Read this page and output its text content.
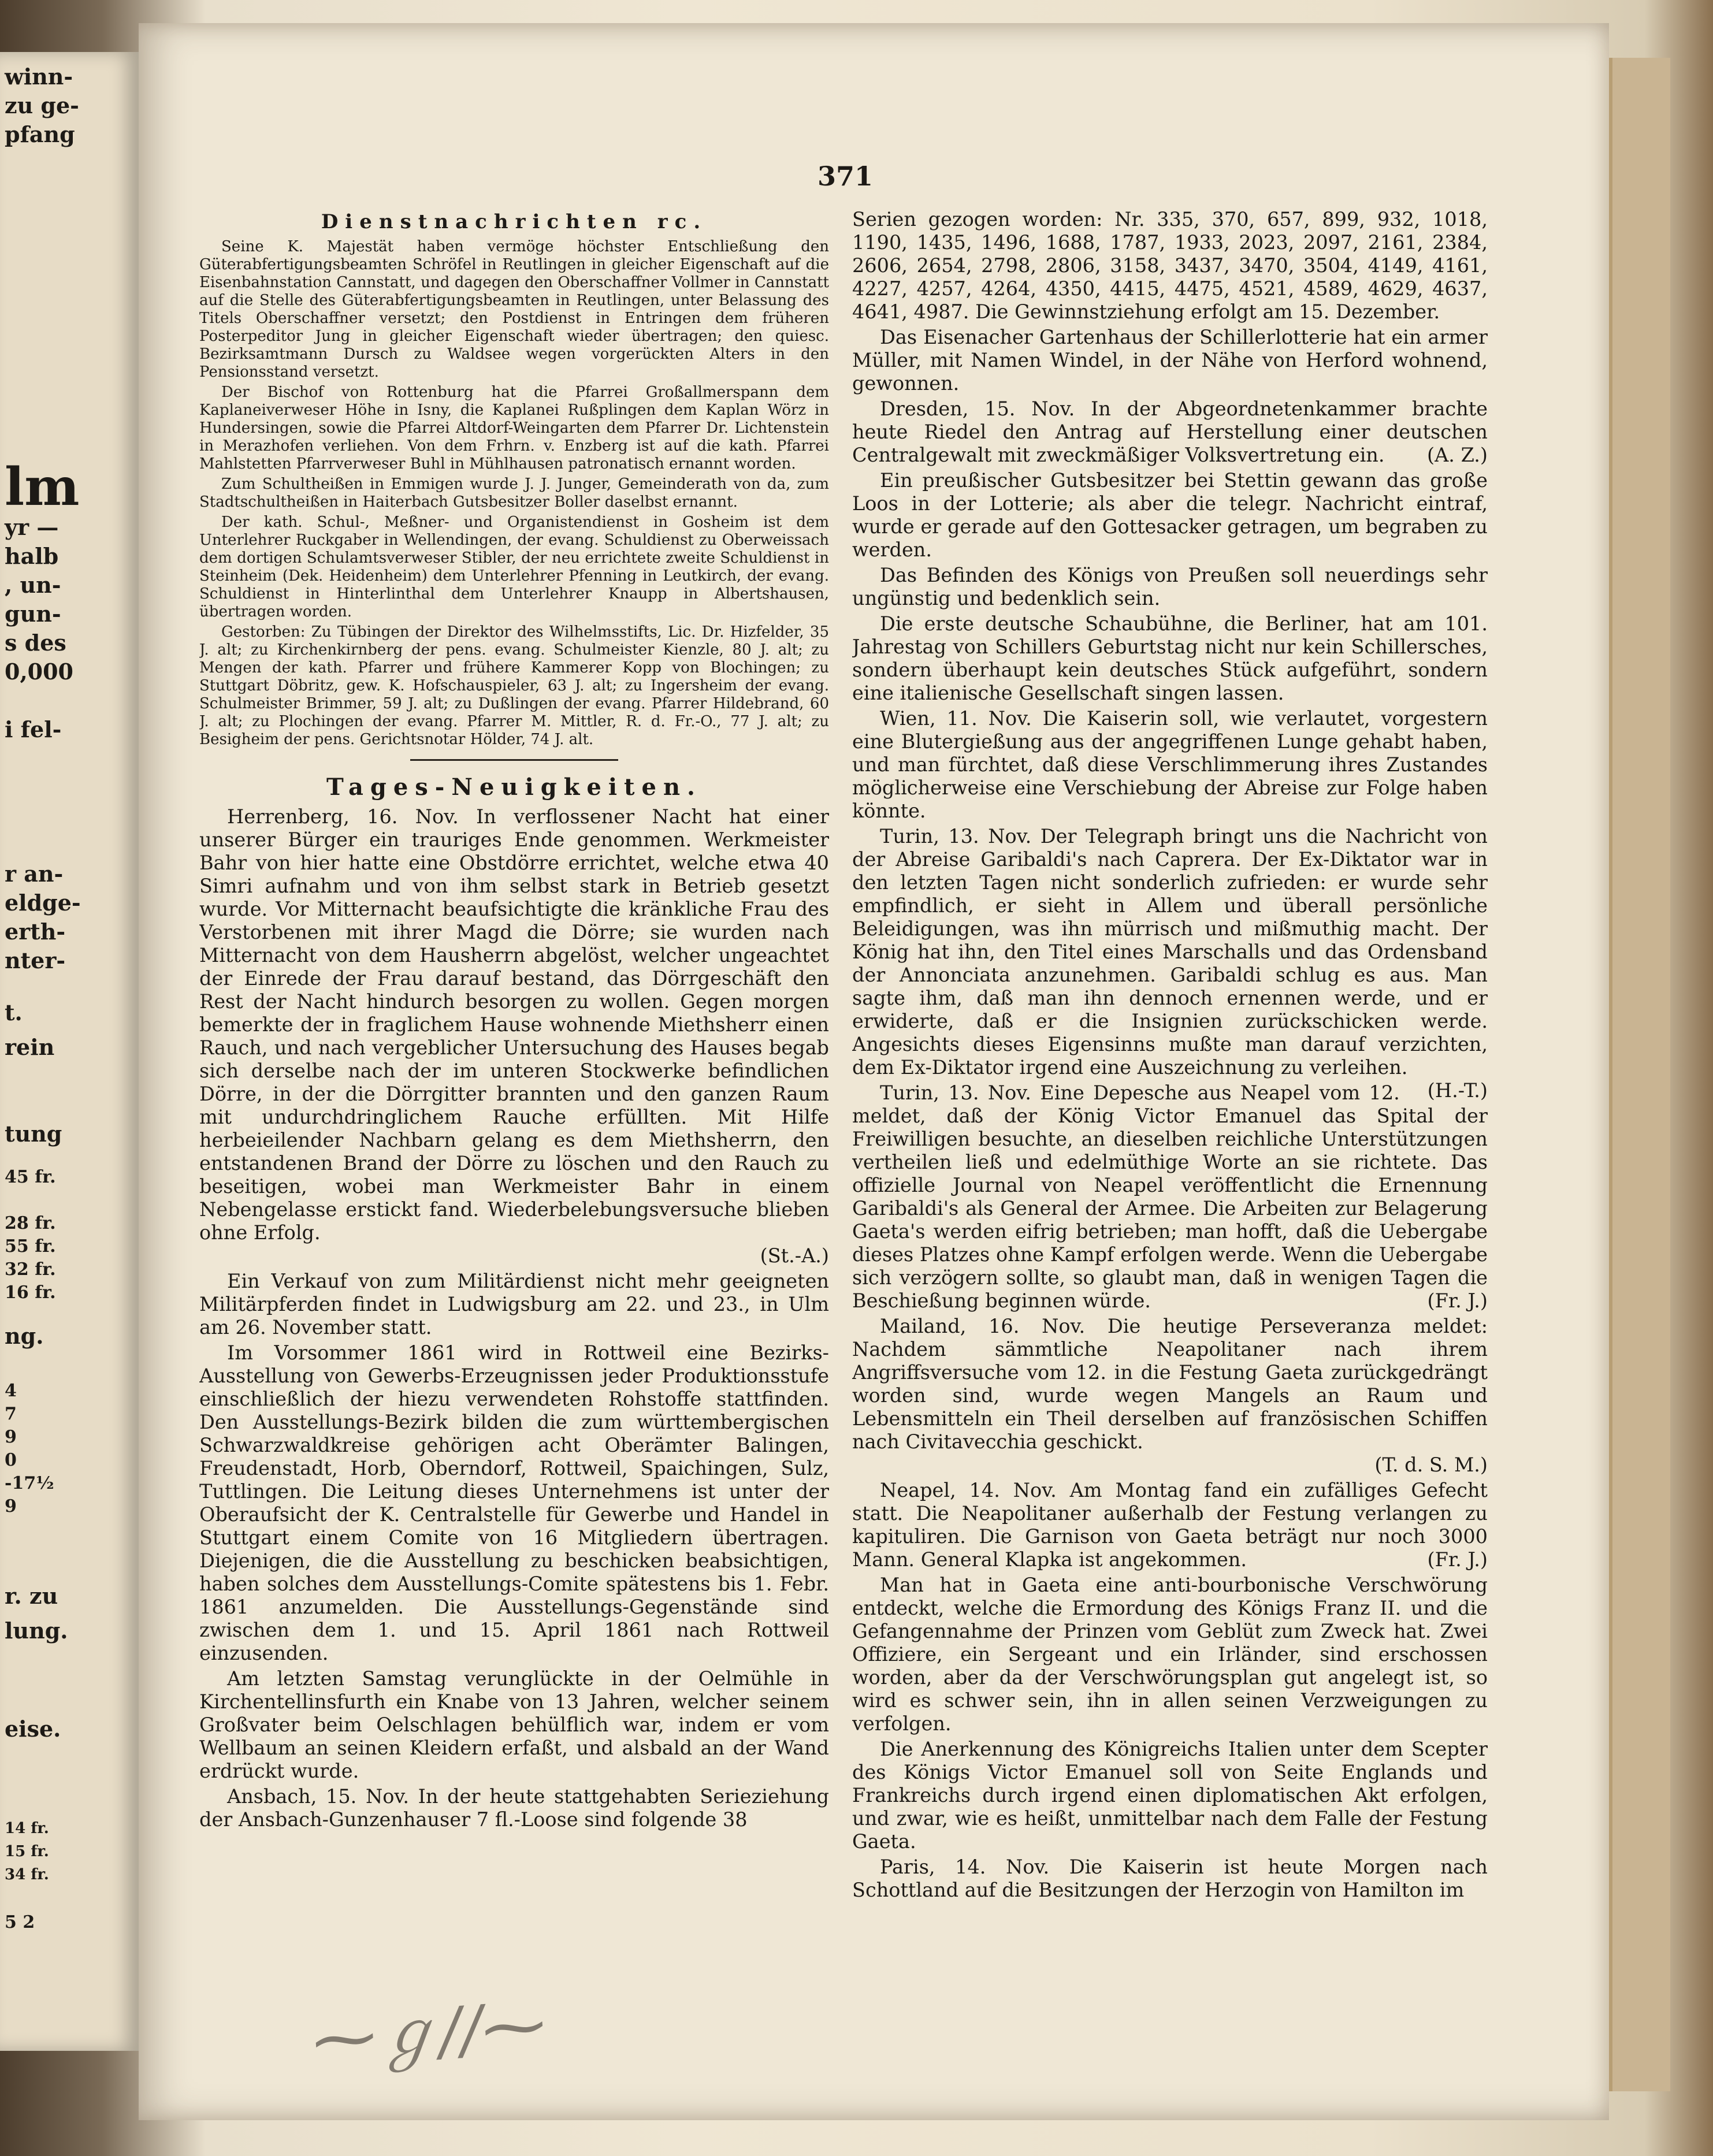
winn-
zu ge-
pfang
lm
yr —
halb
, un-
gun-
s des
0,000
i fel-
r an-
eldge-
erth-
nter-
t.
rein
tung
45 fr.
28 fr.
55 fr.
32 fr.
16 fr.
ng.
4
7
9
0
-17½
9
r. zu
lung.
eise.
14 fr.
15 fr.
34 fr.
5 2
371
Dienstnachrichten rc.

Seine K. Majestät haben vermöge höchster Entschließung den Güterabfertigungsbeamten Schröfel in Reutlingen in gleicher Eigenschaft auf die Eisenbahnstation Cannstatt, und dagegen den Oberschaffner Vollmer in Cannstatt auf die Stelle des Güterabfertigungsbeamten in Reutlingen, unter Belassung des Titels Oberschaffner versetzt; den Postdienst in Entringen dem früheren Posterpeditor Jung in gleicher Eigenschaft wieder übertragen; den quiesc. Bezirksamtmann Dursch zu Waldsee wegen vorgerückten Alters in den Pensionsstand versetzt.

Der Bischof von Rottenburg hat die Pfarrei Großallmerspann dem Kaplaneiverweser Höhe in Isny, die Kaplanei Rußplingen dem Kaplan Wörz in Hundersingen, sowie die Pfarrei Altdorf-Weingarten dem Pfarrer Dr. Lichtenstein in Merazhofen verliehen. Von dem Frhrn. v. Enzberg ist auf die kath. Pfarrei Mahlstetten Pfarrverweser Buhl in Mühlhausen patronatisch ernannt worden.

Zum Schultheißen in Emmigen wurde J. J. Junger, Gemeinderath von da, zum Stadtschultheißen in Haiterbach Gutsbesitzer Boller daselbst ernannt.

Der kath. Schul-, Meßner- und Organistendienst in Gosheim ist dem Unterlehrer Ruckgaber in Wellendingen, der evang. Schuldienst zu Oberweissach dem dortigen Schulamtsverweser Stibler, der neu errichtete zweite Schuldienst in Steinheim (Dek. Heidenheim) dem Unterlehrer Pfenning in Leutkirch, der evang. Schuldienst in Hinterlinthal dem Unterlehrer Knaupp in Albertshausen, übertragen worden.

Gestorben: Zu Tübingen der Direktor des Wilhelmsstifts, Lic. Dr. Hizfelder, 35 J. alt; zu Kirchenkirnberg der pens. evang. Schulmeister Kienzle, 80 J. alt; zu Mengen der kath. Pfarrer und frühere Kammerer Kopp von Blochingen; zu Stuttgart Döbritz, gew. K. Hofschauspieler, 63 J. alt; zu Ingersheim der evang. Schulmeister Brimmer, 59 J. alt; zu Dußlingen der evang. Pfarrer Hildebrand, 60 J. alt; zu Plochingen der evang. Pfarrer M. Mittler, R. d. Fr.-O., 77 J. alt; zu Besigheim der pens. Gerichtsnotar Hölder, 74 J. alt.

Tages-Neuigkeiten.

Herrenberg, 16. Nov. In verflossener Nacht hat einer unserer Bürger ein trauriges Ende genommen. Werkmeister Bahr von hier hatte eine Obstdörre errichtet, welche etwa 40 Simri aufnahm und von ihm selbst stark in Betrieb gesetzt wurde. Vor Mitternacht beaufsichtigte die kränkliche Frau des Verstorbenen mit ihrer Magd die Dörre; sie wurden nach Mitternacht von dem Hausherrn abgelöst, welcher ungeachtet der Einrede der Frau darauf bestand, das Dörrgeschäft den Rest der Nacht hindurch besorgen zu wollen. Gegen morgen bemerkte der in fraglichem Hause wohnende Miethsherr einen Rauch, und nach vergeblicher Untersuchung des Hauses begab sich derselbe nach der im unteren Stockwerke befindlichen Dörre, in der die Dörrgitter brannten und den ganzen Raum mit undurchdringlichem Rauche erfüllten. Mit Hilfe herbeieilender Nachbarn gelang es dem Miethsherrn, den entstandenen Brand der Dörre zu löschen und den Rauch zu beseitigen, wobei man Werkmeister Bahr in einem Nebengelasse erstickt fand. Wiederbelebungsversuche blieben ohne Erfolg.
(St.-A.)

Ein Verkauf von zum Militärdienst nicht mehr geeigneten Militärpferden findet in Ludwigsburg am 22. und 23., in Ulm am 26. November statt.

Im Vorsommer 1861 wird in Rottweil eine Bezirks-Ausstellung von Gewerbs-Erzeugnissen jeder Produktionsstufe einschließlich der hiezu verwendeten Rohstoffe stattfinden. Den Ausstellungs-Bezirk bilden die zum württembergischen Schwarzwaldkreise gehörigen acht Oberämter Balingen, Freudenstadt, Horb, Oberndorf, Rottweil, Spaichingen, Sulz, Tuttlingen. Die Leitung dieses Unternehmens ist unter der Oberaufsicht der K. Centralstelle für Gewerbe und Handel in Stuttgart einem Comite von 16 Mitgliedern übertragen. Diejenigen, die die Ausstellung zu beschicken beabsichtigen, haben solches dem Ausstellungs-Comite spätestens bis 1. Febr. 1861 anzumelden. Die Ausstellungs-Gegenstände sind zwischen dem 1. und 15. April 1861 nach Rottweil einzusenden.

Am letzten Samstag verunglückte in der Oelmühle in Kirchentellinsfurth ein Knabe von 13 Jahren, welcher seinem Großvater beim Oelschlagen behülflich war, indem er vom Wellbaum an seinen Kleidern erfaßt, und alsbald an der Wand erdrückt wurde.

Ansbach, 15. Nov. In der heute stattgehabten Serieziehung der Ansbach-Gunzenhauser 7 fl.-Loose sind folgende 38

Serien gezogen worden: Nr. 335, 370, 657, 899, 932, 1018, 1190, 1435, 1496, 1688, 1787, 1933, 2023, 2097, 2161, 2384, 2606, 2654, 2798, 2806, 3158, 3437, 3470, 3504, 4149, 4161, 4227, 4257, 4264, 4350, 4415, 4475, 4521, 4589, 4629, 4637, 4641, 4987. Die Gewinnstziehung erfolgt am 15. Dezember.

Das Eisenacher Gartenhaus der Schillerlotterie hat ein armer Müller, mit Namen Windel, in der Nähe von Herford wohnend, gewonnen.

Dresden, 15. Nov. In der Abgeordnetenkammer brachte heute Riedel den Antrag auf Herstellung einer deutschen Centralgewalt mit zweckmäßiger Volksvertretung ein.	(A. Z.)

Ein preußischer Gutsbesitzer bei Stettin gewann das große Loos in der Lotterie; als aber die telegr. Nachricht eintraf, wurde er gerade auf den Gottesacker getragen, um begraben zu werden.

Das Befinden des Königs von Preußen soll neuerdings sehr ungünstig und bedenklich sein.

Die erste deutsche Schaubühne, die Berliner, hat am 101. Jahrestag von Schillers Geburtstag nicht nur kein Schillersches, sondern überhaupt kein deutsches Stück aufgeführt, sondern eine italienische Gesellschaft singen lassen.

Wien, 11. Nov. Die Kaiserin soll, wie verlautet, vorgestern eine Blutergießung aus der angegriffenen Lunge gehabt haben, und man fürchtet, daß diese Verschlimmerung ihres Zustandes möglicherweise eine Verschiebung der Abreise zur Folge haben könnte.

Turin, 13. Nov. Der Telegraph bringt uns die Nachricht von der Abreise Garibaldi's nach Caprera. Der Ex-Diktator war in den letzten Tagen nicht sonderlich zufrieden: er wurde sehr empfindlich, er sieht in Allem und überall persönliche Beleidigungen, was ihn mürrisch und mißmuthig macht. Der König hat ihn, den Titel eines Marschalls und das Ordensband der Annonciata anzunehmen. Garibaldi schlug es aus. Man sagte ihm, daß man ihn dennoch ernennen werde, und er erwiderte, daß er die Insignien zurückschicken werde. Angesichts dieses Eigensinns mußte man darauf verzichten, dem Ex-Diktator irgend eine Auszeichnung zu verleihen.
(H.-T.)

Turin, 13. Nov. Eine Depesche aus Neapel vom 12. meldet, daß der König Victor Emanuel das Spital der Freiwilligen besuchte, an dieselben reichliche Unterstützungen vertheilen ließ und edelmüthige Worte an sie richtete. Das offizielle Journal von Neapel veröffentlicht die Ernennung Garibaldi's als General der Armee. Die Arbeiten zur Belagerung Gaeta's werden eifrig betrieben; man hofft, daß die Uebergabe dieses Platzes ohne Kampf erfolgen werde. Wenn die Uebergabe sich verzögern sollte, so glaubt man, daß in wenigen Tagen die Beschießung beginnen würde.	(Fr. J.)

Mailand, 16. Nov. Die heutige Perseveranza meldet: Nachdem sämmtliche Neapolitaner nach ihrem Angriffsversuche vom 12. in die Festung Gaeta zurückgedrängt worden sind, wurde wegen Mangels an Raum und Lebensmitteln ein Theil derselben auf französischen Schiffen nach Civitavecchia geschickt.
(T. d. S. M.)

Neapel, 14. Nov. Am Montag fand ein zufälliges Gefecht statt. Die Neapolitaner außerhalb der Festung verlangen zu kapituliren. Die Garnison von Gaeta beträgt nur noch 3000 Mann. General Klapka ist angekommen.	(Fr. J.)

Man hat in Gaeta eine anti-bourbonische Verschwörung entdeckt, welche die Ermordung des Königs Franz II. und die Gefangennahme der Prinzen vom Geblüt zum Zweck hat. Zwei Offiziere, ein Sergeant und ein Irländer, sind erschossen worden, aber da der Verschwörungsplan gut angelegt ist, so wird es schwer sein, ihn in allen seinen Verzweigungen zu verfolgen.

Die Anerkennung des Königreichs Italien unter dem Scepter des Königs Victor Emanuel soll von Seite Englands und Frankreichs durch irgend einen diplomatischen Akt erfolgen, und zwar, wie es heißt, unmittelbar nach dem Falle der Festung Gaeta.

Paris, 14. Nov. Die Kaiserin ist heute Morgen nach Schottland auf die Besitzungen der Herzogin von Hamilton im

⁓ℊ∕∕⁓
